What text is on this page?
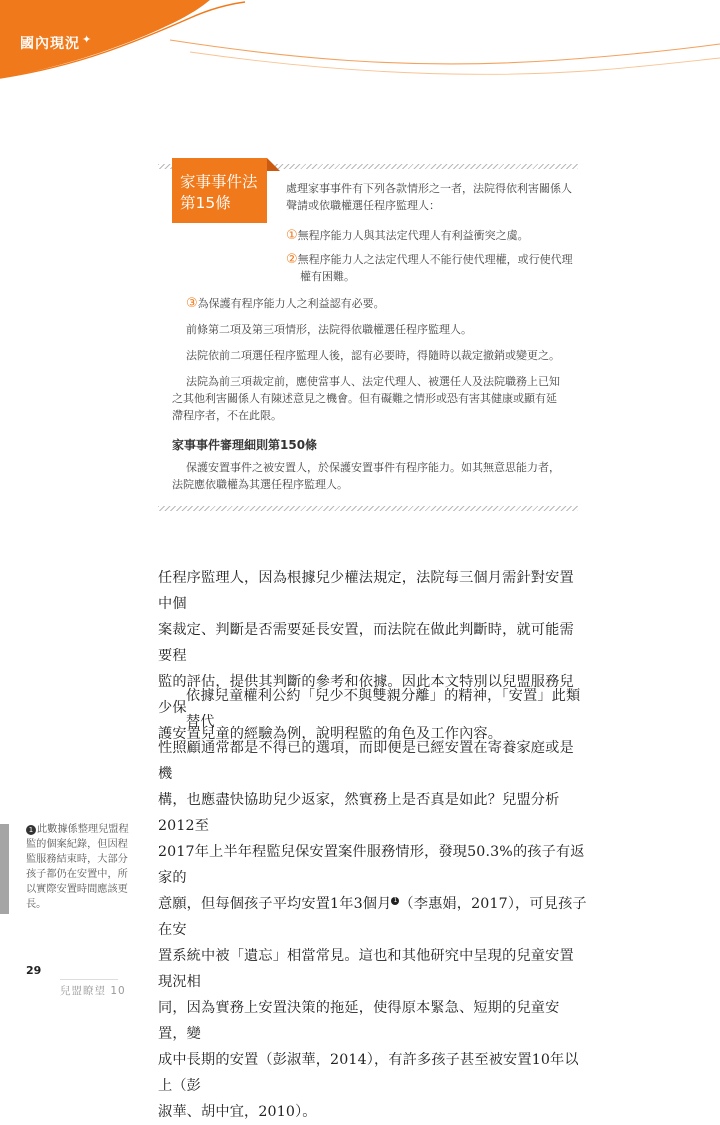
國內現況 ✦
家事事件法
第15條
處理家事事件有下列各款情形之一者，法院得依利害關係人
聲請或依職權選任程序監理人：
①無程序能力人與其法定代理人有利益衝突之虞。
②無程序能力人之法定代理人不能行使代理權，或行使代理
權有困難。
③為保護有程序能力人之利益認有必要。
前條第二項及第三項情形，法院得依職權選任程序監理人。
法院依前二項選任程序監理人後，認有必要時，得隨時以裁定撤銷或變更之。
法院為前三項裁定前，應使當事人、法定代理人、被選任人及法院職務上已知
之其他利害關係人有陳述意見之機會。但有礙難之情形或恐有害其健康或顯有延
滯程序者，不在此限。
家事事件審理細則第150條
保護安置事件之被安置人，於保護安置事件有程序能力。如其無意思能力者，
法院應依職權為其選任程序監理人。
任程序監理人，因為根據兒少權法規定，法院每三個月需針對安置中個
案裁定、判斷是否需要延長安置，而法院在做此判斷時，就可能需要程
監的評估，提供其判斷的參考和依據。因此本文特別以兒盟服務兒少保
護安置兒童的經驗為例，說明程監的角色及工作內容。
依據兒童權利公約「兒少不與雙親分離」的精神，「安置」此類替代
性照顧通常都是不得已的選項，而即便是已經安置在寄養家庭或是機
構，也應盡快協助兒少返家，然實務上是否真是如此？兒盟分析2012至
2017年上半年程監兒保安置案件服務情形，發現50.3%的孩子有返家的
意願，但每個孩子平均安置1年3個月 1 （李惠娟，2017），可見孩子在安
置系統中被「遺忘」相當常見。這也和其他研究中呈現的兒童安置現況相
同，因為實務上安置決策的拖延，使得原本緊急、短期的兒童安置，變
成中長期的安置（彭淑華，2014），有許多孩子甚至被安置10年以上（彭
淑華、胡中宜，2010）。
1 此數據係整理兒盟程監的個案紀錄，但因程監服務結束時，大部分孩子都仍在安置中，所以實際安置時間應該更長。
29
兒盟瞭望 10
